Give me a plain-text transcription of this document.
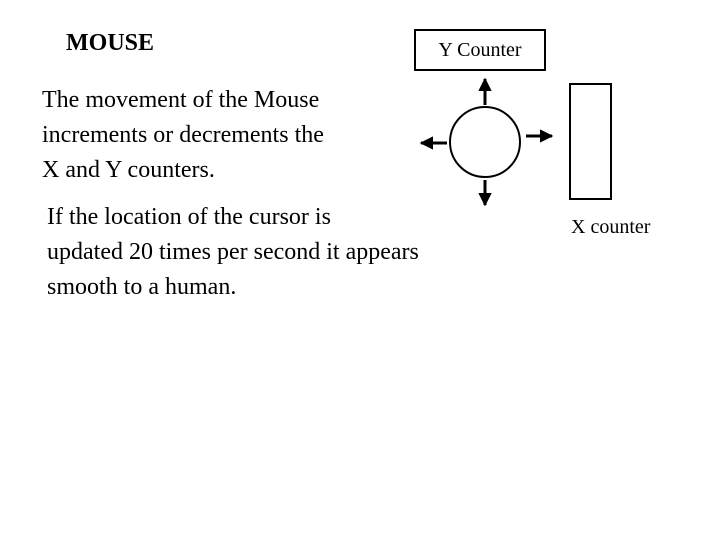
MOUSE

The movement of the Mouse
increments or decrements the
X and Y counters.

If the location of the cursor is
updated 20 times per second it appears
smooth to a human.

Y Counter
X counter
